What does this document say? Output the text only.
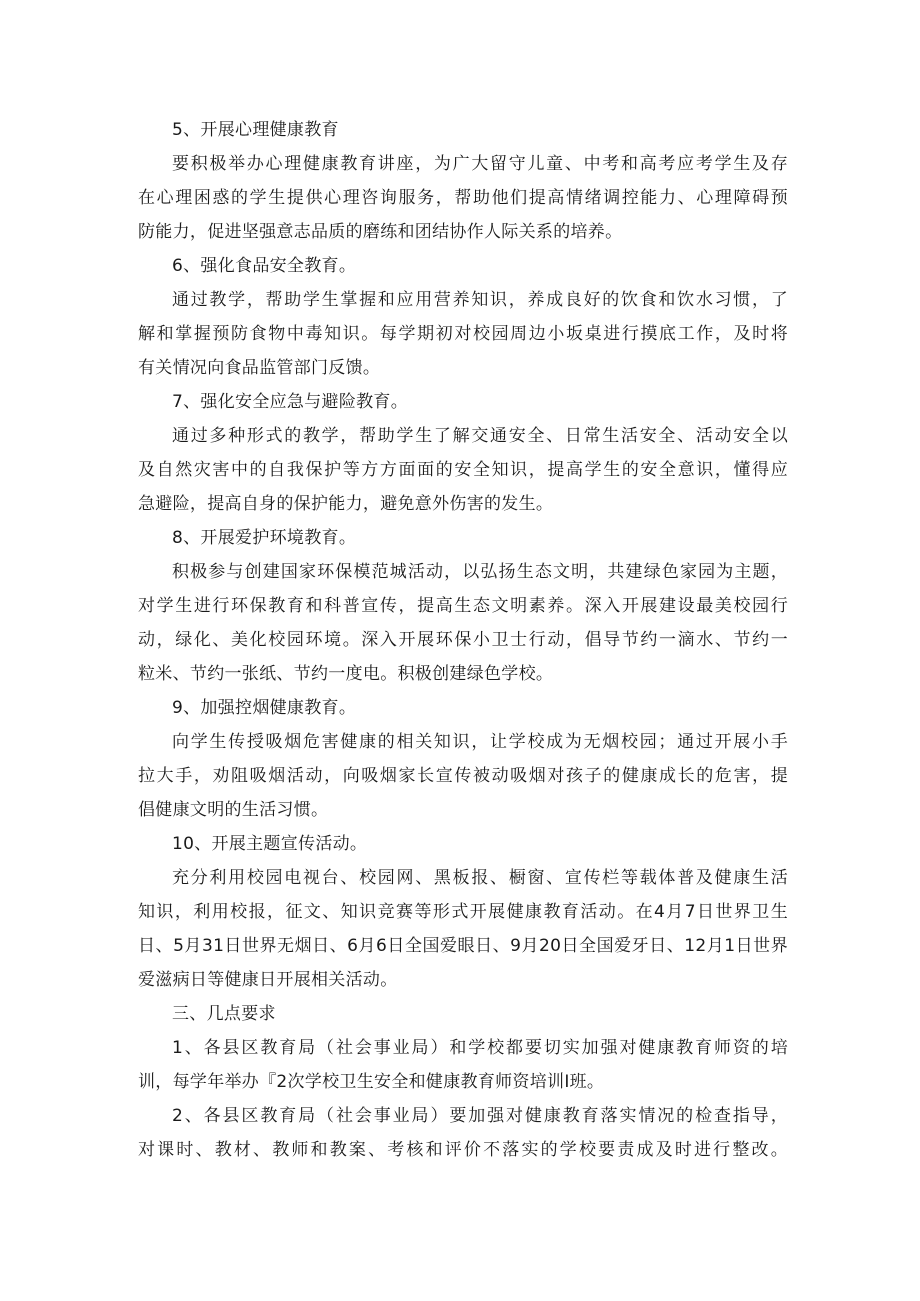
5、开展心理健康教育
要积极举办心理健康教育讲座，为广大留守儿童、中考和高考应考学生及存
在心理困惑的学生提供心理咨询服务，帮助他们提高情绪调控能力、心理障碍预
防能力，促进坚强意志品质的磨练和团结协作人际关系的培养。
6、强化食品安全教育。
通过教学，帮助学生掌握和应用营养知识，养成良好的饮食和饮水习惯，了
解和掌握预防食物中毒知识。每学期初对校园周边小坂桌进行摸底工作，及时将
有关情况向食品监管部门反馈。
7、强化安全应急与避险教育。
通过多种形式的教学，帮助学生了解交通安全、日常生活安全、活动安全以
及自然灾害中的自我保护等方方面面的安全知识，提高学生的安全意识，懂得应
急避险，提高自身的保护能力，避免意外伤害的发生。
8、开展爱护环境教育。
积极参与创建国家环保模范城活动，以弘扬生态文明，共建绿色家园为主题，
对学生进行环保教育和科普宣传，提高生态文明素养。深入开展建设最美校园行
动，绿化、美化校园环境。深入开展环保小卫士行动，倡导节约一滴水、节约一
粒米、节约一张纸、节约一度电。积极创建绿色学校。
9、加强控烟健康教育。
向学生传授吸烟危害健康的相关知识，让学校成为无烟校园；通过开展小手
拉大手，劝阻吸烟活动，向吸烟家长宣传被动吸烟对孩子的健康成长的危害，提
倡健康文明的生活习惯。
10、开展主题宣传活动。
充分利用校园电视台、校园网、黑板报、橱窗、宣传栏等载体普及健康生活
知识，利用校报，征文、知识竞赛等形式开展健康教育活动。在4月7日世界卫生
日、5月31日世界无烟日、6月6日全国爱眼日、9月20日全国爱牙日、12月1日世界
爱滋病日等健康日开展相关活动。
三、几点要求
1、各县区教育局（社会事业局）和学校都要切实加强对健康教育师资的培
训，每学年举办『2次学校卫生安全和健康教育师资培训I班。
2、各县区教育局（社会事业局）要加强对健康教育落实情况的检查指导，
对课时、教材、教师和教案、考核和评价不落实的学校要责成及时进行整改。
